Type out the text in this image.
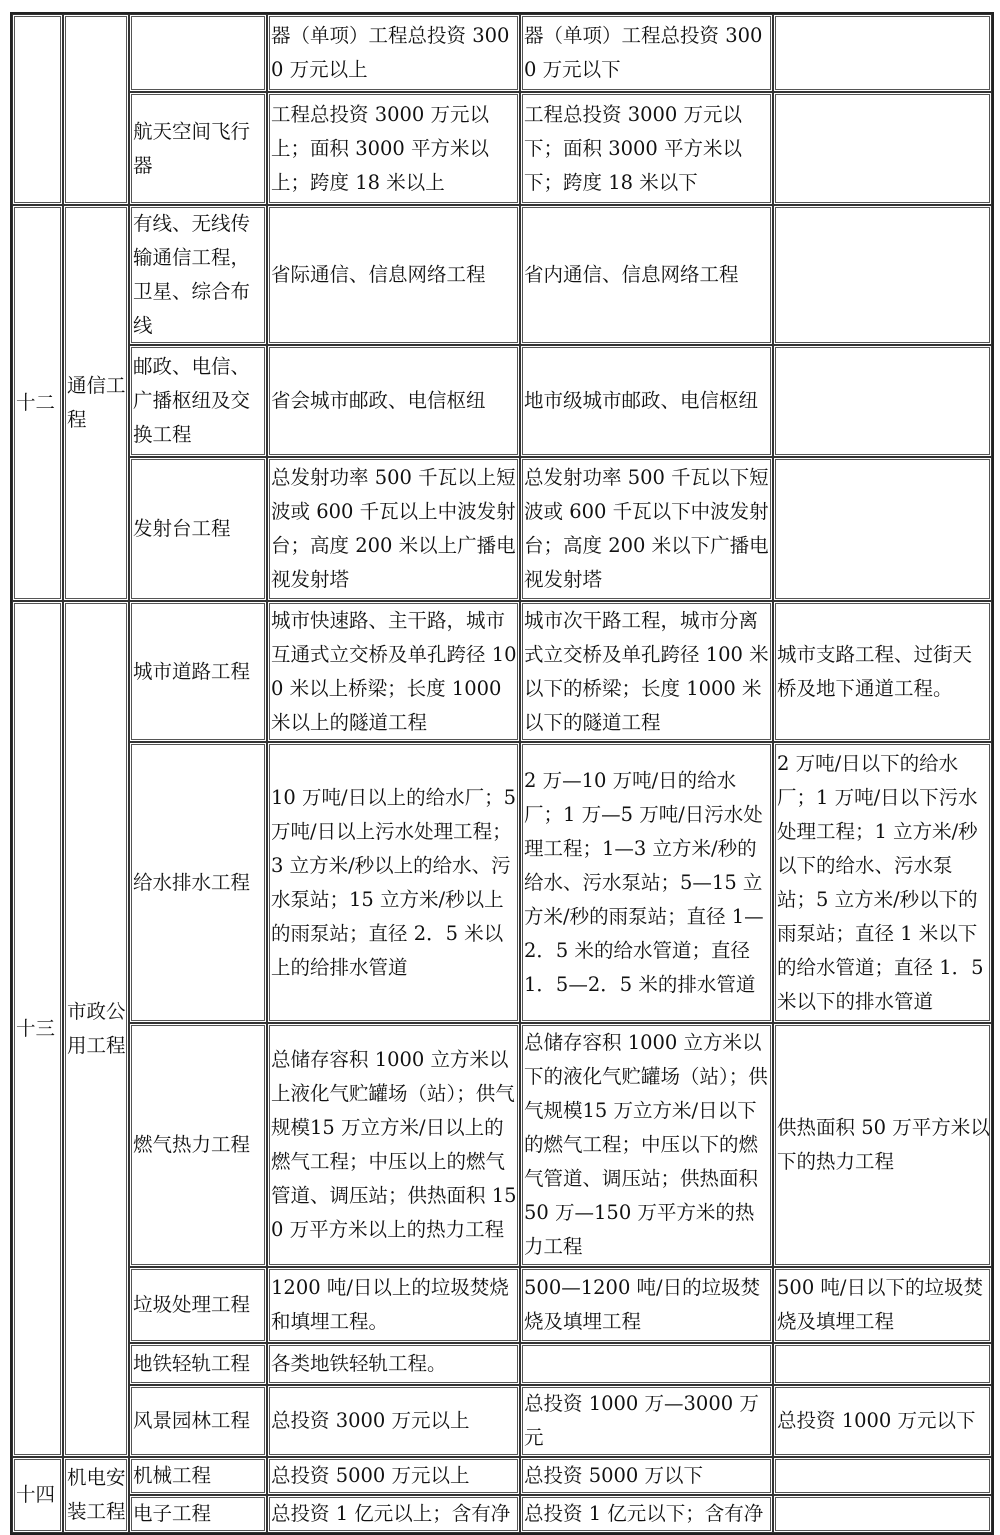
			器（单项）工程总投资 3000 万元以上	器（单项）工程总投资 3000 万元以下	
		航天空间飞行器	工程总投资 3000 万元以上；面积 3000 平方米以上；跨度 18 米以上	工程总投资 3000 万元以下；面积 3000 平方米以下；跨度 18 米以下	
十二	通信工程	有线、无线传输通信工程，卫星、综合布线	省际通信、信息网络工程	省内通信、信息网络工程	
		邮政、电信、广播枢纽及交换工程	省会城市邮政、电信枢纽	地市级城市邮政、电信枢纽	
		发射台工程	总发射功率 500 千瓦以上短波或 600 千瓦以上中波发射台；高度 200 米以上广播电视发射塔	总发射功率 500 千瓦以下短波或 600 千瓦以下中波发射台；高度 200 米以下广播电视发射塔	
十三	市政公用工程	城市道路工程	城市快速路、主干路，城市互通式立交桥及单孔跨径 100 米以上桥梁；长度 1000 米以上的隧道工程	城市次干路工程，城市分离式立交桥及单孔跨径 100 米以下的桥梁；长度 1000 米以下的隧道工程	城市支路工程、过街天桥及地下通道工程。
		给水排水工程	10 万吨/日以上的给水厂；5 万吨/日以上污水处理工程；3 立方米/秒以上的给水、污水泵站；15 立方米/秒以上的雨泵站；直径 2．5 米以上的给排水管道	2 万—10 万吨/日的给水厂；1 万—5 万吨/日污水处理工程；1—3 立方米/秒的给水、污水泵站；5—15 立方米/秒的雨泵站；直径 1—2．5 米的给水管道；直径 1．5—2．5 米的排水管道	2 万吨/日以下的给水厂；1 万吨/日以下污水处理工程；1 立方米/秒以下的给水、污水泵站；5 立方米/秒以下的雨泵站；直径 1 米以下的给水管道；直径 1．5 米以下的排水管道
		燃气热力工程	总储存容积 1000 立方米以上液化气贮罐场（站）；供气规模15 万立方米/日以上的燃气工程；中压以上的燃气管道、调压站；供热面积 150 万平方米以上的热力工程	总储存容积 1000 立方米以下的液化气贮罐场（站）；供气规模15 万立方米/日以下的燃气工程；中压以下的燃气管道、调压站；供热面积 50 万—150 万平方米的热力工程	供热面积 50 万平方米以下的热力工程
		垃圾处理工程	1200 吨/日以上的垃圾焚烧和填埋工程。	500—1200 吨/日的垃圾焚烧及填埋工程	500 吨/日以下的垃圾焚烧及填埋工程
		地铁轻轨工程	各类地铁轻轨工程。		
		风景园林工程	总投资 3000 万元以上	总投资 1000 万—3000 万元	总投资 1000 万元以下
十四	机电安装工程	机械工程	总投资 5000 万元以上	总投资 5000 万以下	
		电子工程	总投资 1 亿元以上；含有净	总投资 1 亿元以下；含有净	
